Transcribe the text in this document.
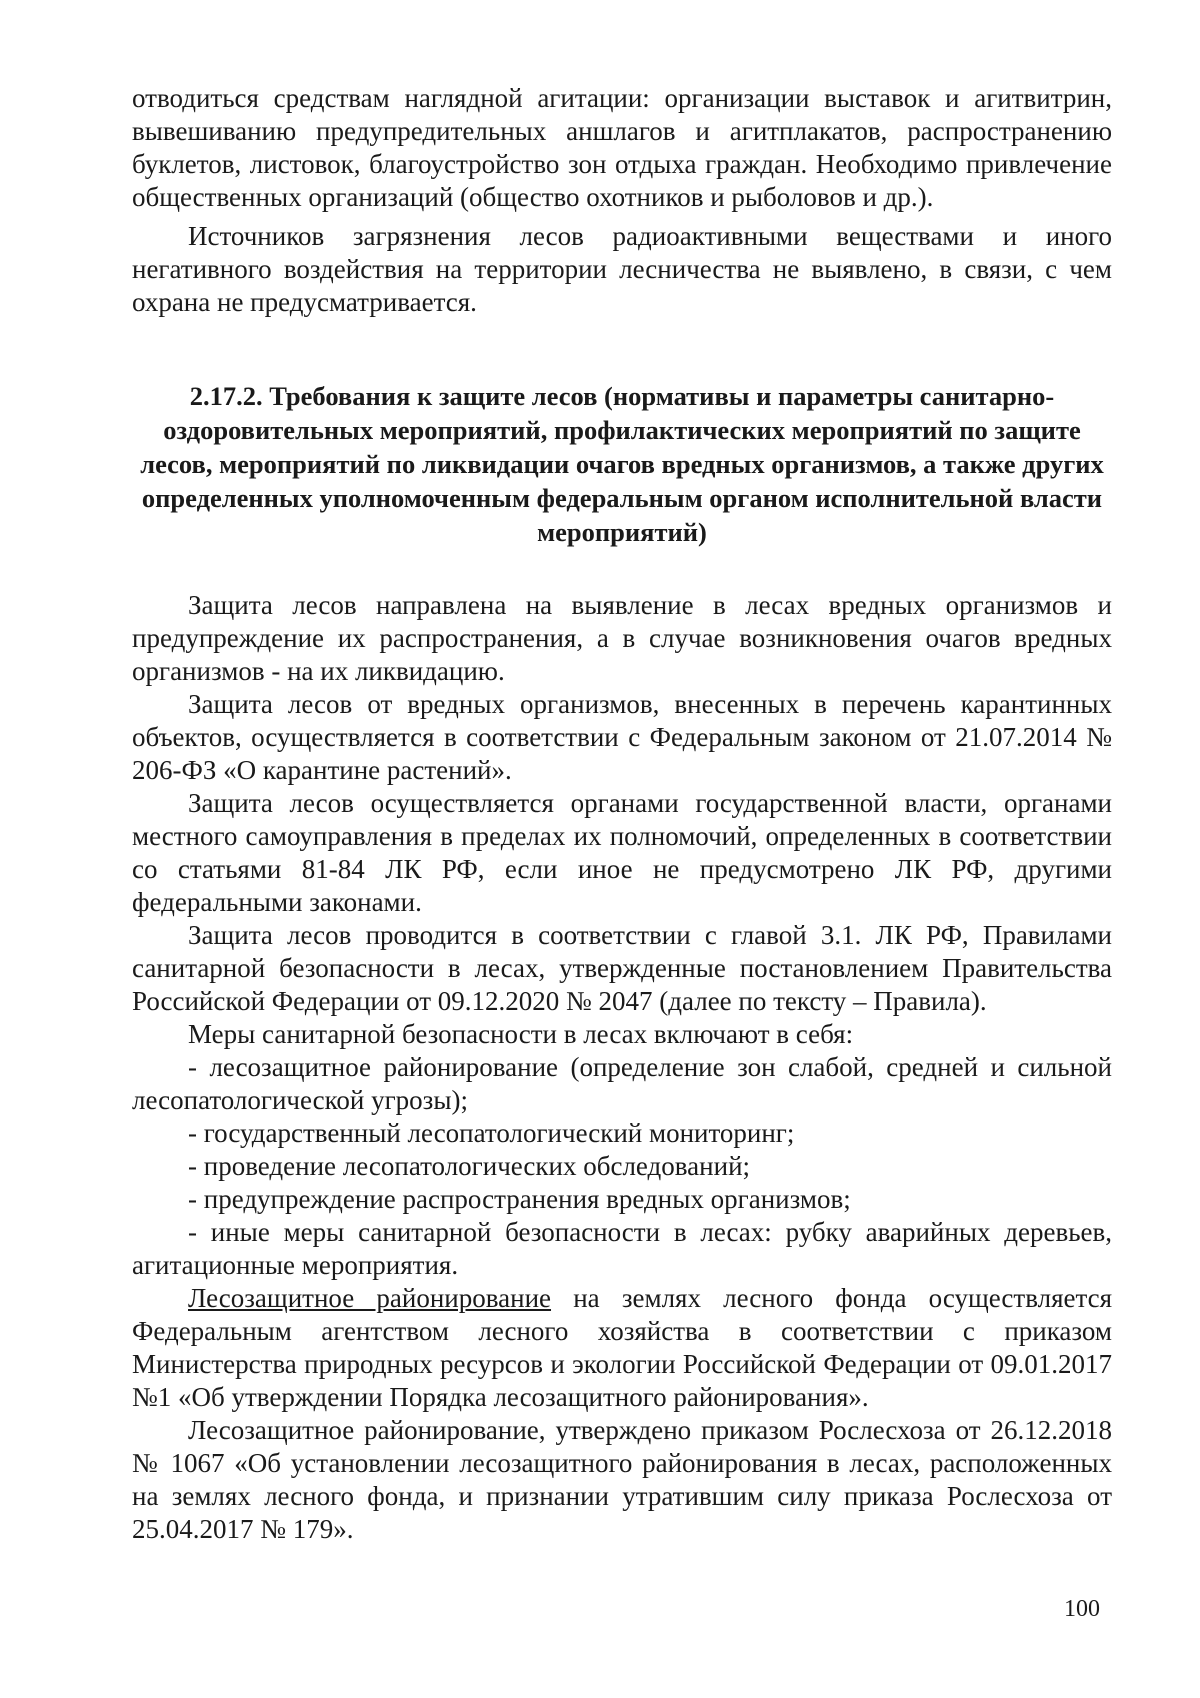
отводиться средствам наглядной агитации: организации выставок и агитвитрин, вывешиванию предупредительных аншлагов и агитплакатов, распространению буклетов, листовок, благоустройство зон отдыха граждан. Необходимо привлечение общественных организаций (общество охотников и рыболовов и др.).

Источников загрязнения лесов радиоактивными веществами и иного негативного воздействия на территории лесничества не выявлено, в связи, с чем охрана не предусматривается.

2.17.2. Требования к защите лесов (нормативы и параметры санитарно-оздоровительных мероприятий, профилактических мероприятий по защите лесов, мероприятий по ликвидации очагов вредных организмов, а также других определенных уполномоченным федеральным органом исполнительной власти мероприятий)

Защита лесов направлена на выявление в лесах вредных организмов и предупреждение их распространения, а в случае возникновения очагов вредных организмов - на их ликвидацию.

Защита лесов от вредных организмов, внесенных в перечень карантинных объектов, осуществляется в соответствии с Федеральным законом от 21.07.2014 № 206-ФЗ «О карантине растений».

Защита лесов осуществляется органами государственной власти, органами местного самоуправления в пределах их полномочий, определенных в соответствии со статьями 81-84 ЛК РФ, если иное не предусмотрено ЛК РФ, другими федеральными законами.

Защита лесов проводится в соответствии с главой 3.1. ЛК РФ, Правилами санитарной безопасности в лесах, утвержденные постановлением Правительства Российской Федерации от 09.12.2020 № 2047 (далее по тексту – Правила).

Меры санитарной безопасности в лесах включают в себя:

- лесозащитное районирование (определение зон слабой, средней и сильной лесопатологической угрозы);

- государственный лесопатологический мониторинг;

- проведение лесопатологических обследований;

- предупреждение распространения вредных организмов;

- иные меры санитарной безопасности в лесах: рубку аварийных деревьев, агитационные мероприятия.

Лесозащитное районирование на землях лесного фонда осуществляется Федеральным агентством лесного хозяйства в соответствии с приказом Министерства природных ресурсов и экологии Российской Федерации от 09.01.2017 №1 «Об утверждении Порядка лесозащитного районирования».

Лесозащитное районирование, утверждено приказом Рослесхоза от 26.12.2018 № 1067 «Об установлении лесозащитного районирования в лесах, расположенных на землях лесного фонда, и признании утратившим силу приказа Рослесхоза от 25.04.2017 № 179».

100
